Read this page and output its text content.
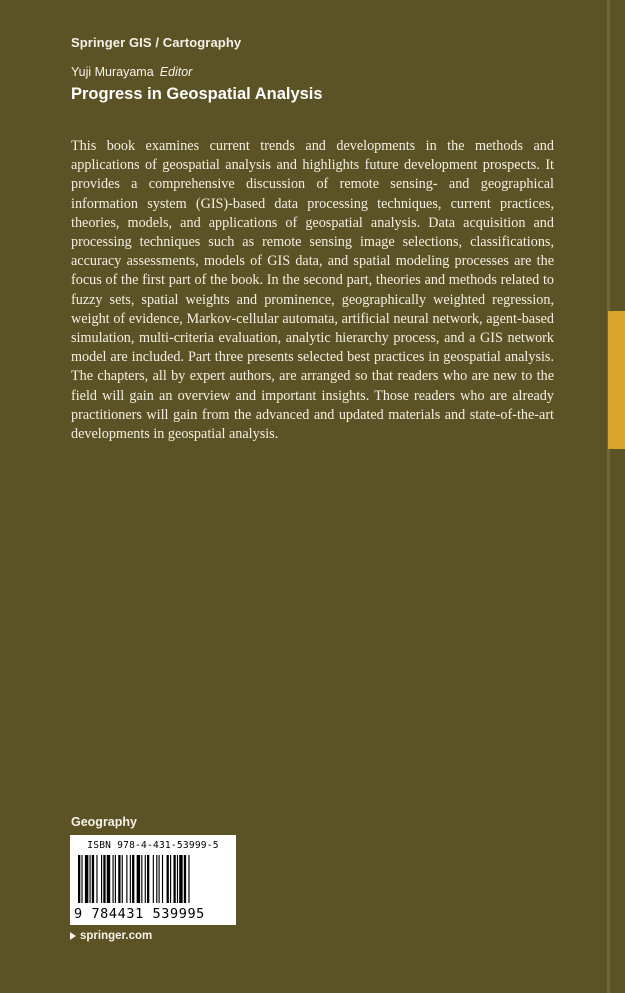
Springer GIS / Cartography
Yuji Murayama Editor
Progress in Geospatial Analysis

This book examines current trends and developments in the methods and applications of geospatial analysis and highlights future development prospects. It provides a comprehensive discussion of remote sensing- and geographical information system (GIS)-based data processing techniques, current practices, theories, models, and applications of geospatial analysis. Data acquisition and processing techniques such as remote sensing image selections, classifications, accuracy assessments, models of GIS data, and spatial modeling processes are the focus of the first part of the book. In the second part, theories and methods related to fuzzy sets, spatial weights and prominence, geographically weighted regression, weight of evidence, Markov-cellular automata, artificial neural network, agent-based simulation, multi-criteria evaluation, analytic hierarchy process, and a GIS network model are included. Part three presents selected best practices in geospatial analysis. The chapters, all by expert authors, are arranged so that readers who are new to the field will gain an overview and important insights. Those readers who are already practitioners will gain from the advanced and updated materials and state-of-the-art developments in geospatial analysis.

Geography
ISBN 978-4-431-53999-5
9 784431 539995
springer.com
